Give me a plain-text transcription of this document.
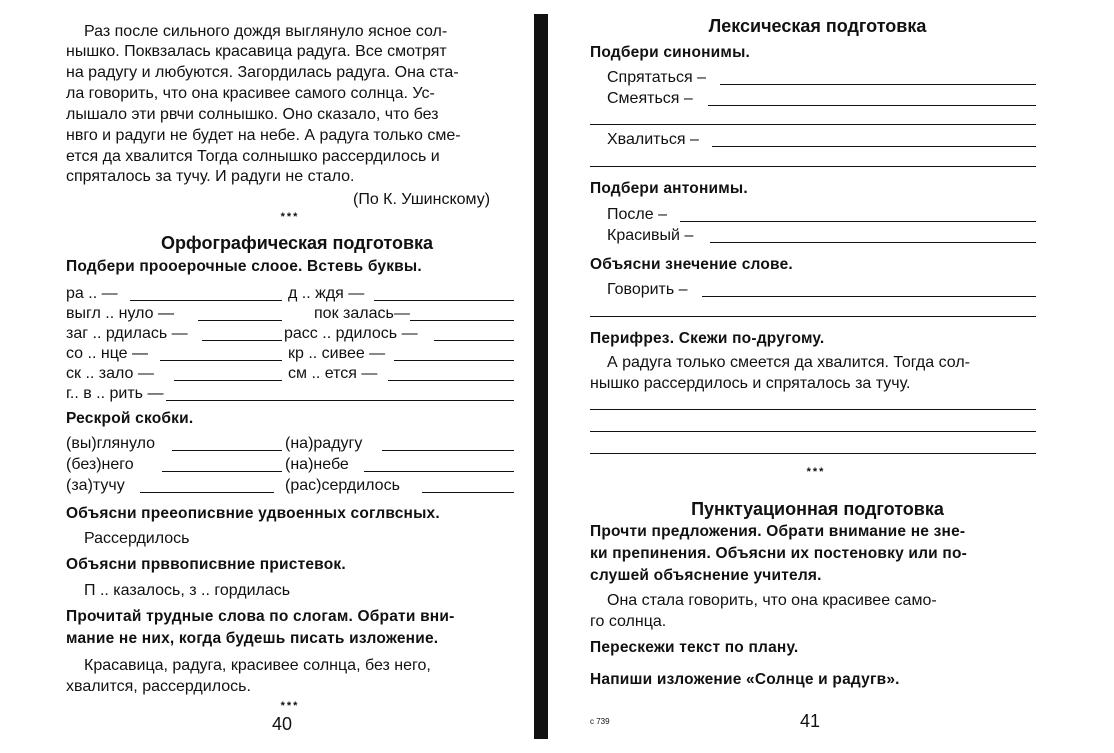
Раз после сильного дождя выглянуло ясное сол-
нышко. Поквзалась красавица радуга. Все смотрят
на радугу и любуются. Загордилась радуга. Она ста-
ла говорить, что она красивее самого солнца. Ус-
лышало эти рвчи солнышко. Оно сказало, что без
нвго и радуги не будет на небе. А радуга только сме-
ется да хвалится Тогда солнышко рассердилось и
спряталось за тучу. И радуги не стало.
(По К. Ушинскому)
***
Орфографическая подготовка
Подбери прооерочные слоое. Встевь буквы.
ра .. —	д .. ждя —
выгл .. нуло —	пок залась—
заг .. рдилась —	расс .. рдилось —
со .. нце —	кр .. сивее —
ск .. зало —	см .. ется —
г.. в .. рить —
Рескрой скобки.
(вы)глянуло	(на)радугу
(без)него	(на)небе
(за)тучу	(рас)сердилось
Объясни прееописвние удвоенных соглвсных.
Рассердилось
Объясни прввописвние пристевок.
П .. казалось, з .. гордилась
Прочитай трудные слова по слогам. Обрати вни-
мание не них, когда будешь писать изложение.
Красавица, радуга, красивее солнца, без него,
хвалится, рассердилось.
***
40
Лексическая подготовка
Подбери синонимы.
Спрятаться –
Смеяться –
Хвалиться –
Подбери антонимы.
После –
Красивый –
Объясни знечение слове.
Говорить –
Перифрез. Скежи по-другому.
А радуга только смеется да хвалится. Тогда сол-
нышко рассердилось и спряталось за тучу.
***
Пунктуационная подготовка
Прочти предложения. Обрати внимание не зне-
ки препинения. Объясни их постеновку или по-
слушей объяснение учителя.
Она стала говорить, что она красивее само-
го солнца.
Перескежи текст по плану.
Напиши изложение «Солнце и радугв».
с 739	41
